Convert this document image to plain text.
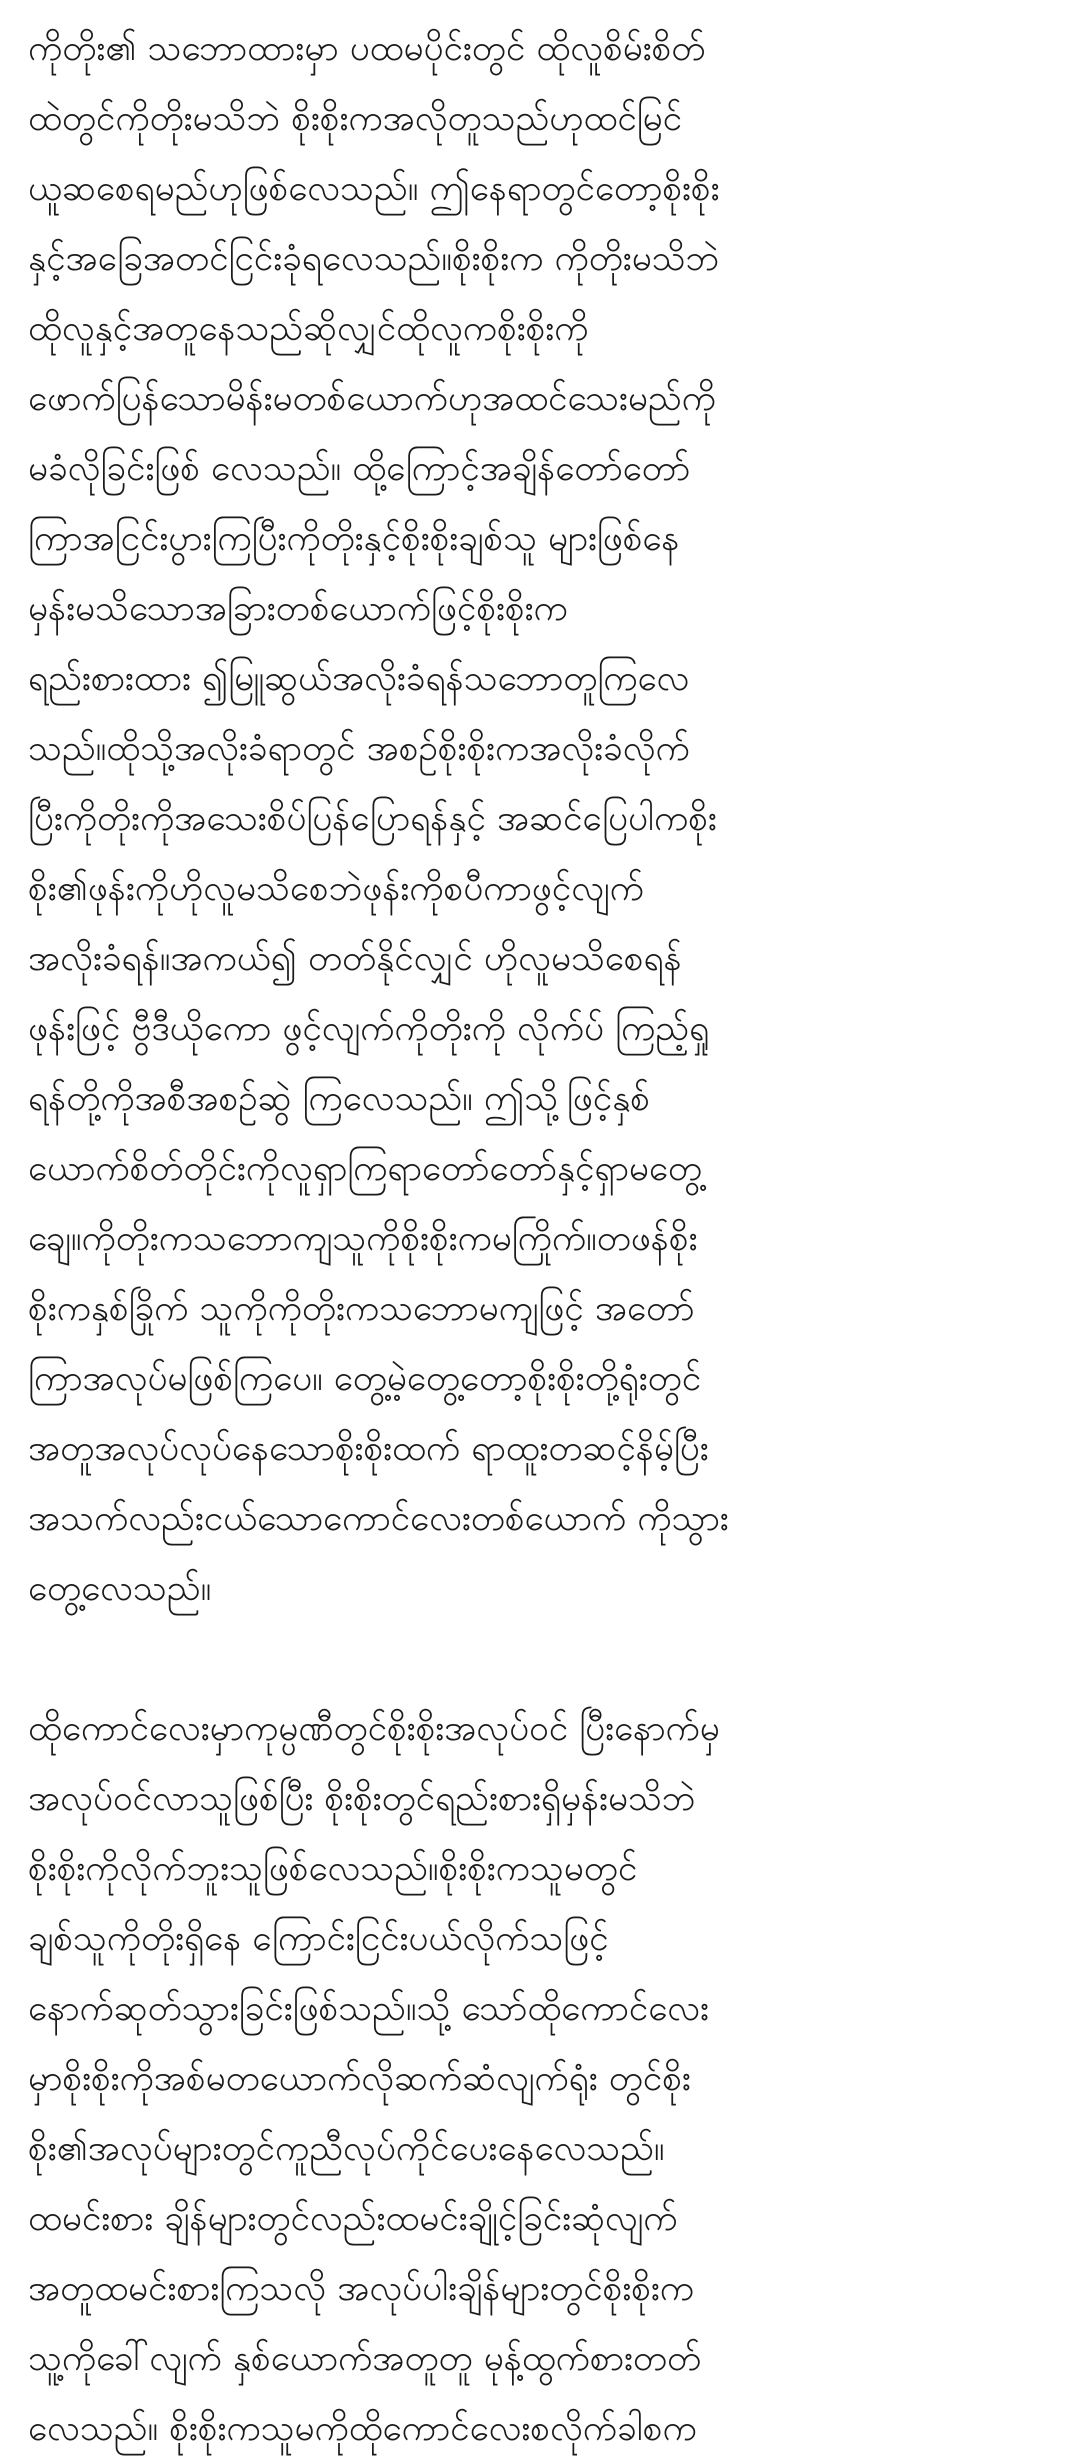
ကိုတိုး၏ သဘောထားမှာ ပထမပိုင်းတွင် ထိုလူစိမ်းစိတ်
ထဲတွင်ကိုတိုးမသိဘဲ စိုးစိုးကအလိုတူသည်ဟုထင်မြင်
ယူဆစေရမည်ဟုဖြစ်လေသည်။ ဤနေရာတွင်တော့စိုးစိုး
နှင့်အခြေအတင်ငြင်းခုံရလေသည်။စိုးစိုးက ကိုတိုးမသိဘဲ
ထိုလူနှင့်အတူနေသည်ဆိုလျှင်ထိုလူကစိုးစိုးကို
ဖောက်ပြန်သောမိန်းမတစ်ယောက်ဟုအထင်သေးမည်ကို
မခံလိုခြင်းဖြစ် လေသည်။ ထို့ကြောင့်အချိန်တော်တော်
ကြာအငြင်းပွားကြပြီးကိုတိုးနှင့်စိုးစိုးချစ်သူ များဖြစ်နေ
မှန်းမသိသောအခြားတစ်ယောက်ဖြင့်စိုးစိုးက
ရည်းစားထား ၍မြူဆွယ်အလိုးခံရန်သဘောတူကြလေ
သည်။ထိုသို့အလိုးခံရာတွင် အစဥ်စိုးစိုးကအလိုးခံလိုက်
ပြီးကိုတိုးကိုအသေးစိပ်ပြန်ပြောရန်နှင့် အဆင်ပြေပါကစိုး
စိုး၏ဖုန်းကိုဟိုလူမသိစေဘဲဖုန်းကိုစပီကာဖွင့်လျက်
အလိုးခံရန်။အကယ်၍ တတ်နိုင်လျှင် ဟိုလူမသိစေရန်
ဖုန်းဖြင့် ဗွီဒီယိုကော ဖွင့်လျက်ကိုတိုးကို လိုက်ပ် ကြည့်ရှု
ရန်တို့ကိုအစီအစဥ်ဆွဲ ကြလေသည်။ ဤသို့ဖြင့်နှစ်
ယောက်စိတ်တိုင်းကိုလူရှာကြရာတော်တော်နှင့်ရှာမတွေ့
ချေ။ကိုတိုးကသဘောကျသူကိုစိုးစိုးကမကြိုက်။တဖန်စိုး
စိုးကနှစ်ခြိုက် သူကိုကိုတိုးကသဘောမကျဖြင့် အတော်
ကြာအလုပ်မဖြစ်ကြပေ။ တွေ့မဲ့တွေ့တော့စိုးစိုးတို့ရုံးတွင်
အတူအလုပ်လုပ်နေသောစိုးစိုးထက် ရာထူးတဆင့်နိမ့်ပြီး
အသက်လည်းငယ်သောကောင်လေးတစ်ယောက် ကိုသွား
တွေ့လေသည်။
ထိုကောင်လေးမှာကုမ္ပဏီတွင်စိုးစိုးအလုပ်ဝင် ပြီးနောက်မှ
အလုပ်ဝင်လာသူဖြစ်ပြီး စိုးစိုးတွင်ရည်းစားရှိမှန်းမသိဘဲ
စိုးစိုးကိုလိုက်ဘူးသူဖြစ်လေသည်။စိုးစိုးကသူမတွင်
ချစ်သူကိုတိုးရှိနေ ကြောင်းငြင်းပယ်လိုက်သဖြင့်
နောက်ဆုတ်သွားခြင်းဖြစ်သည်။သို့ သော်ထိုကောင်လေး
မှာစိုးစိုးကိုအစ်မတယောက်လိုဆက်ဆံလျက်ရုံး တွင်စိုး
စိုး၏အလုပ်များတွင်ကူညီလုပ်ကိုင်ပေးနေလေသည်။
ထမင်းစား ချိန်များတွင်လည်းထမင်းချိုင့်ခြင်းဆုံလျက်
အတူထမင်းစားကြသလို အလုပ်ပါးချိန်များတွင်စိုးစိုးက
သူ့ကိုခေါ်လျက် နှစ်ယောက်အတူတူ မုန့်ထွက်စားတတ်
လေသည်။ စိုးစိုးကသူမကိုထိုကောင်လေးစလိုက်ခါစက
